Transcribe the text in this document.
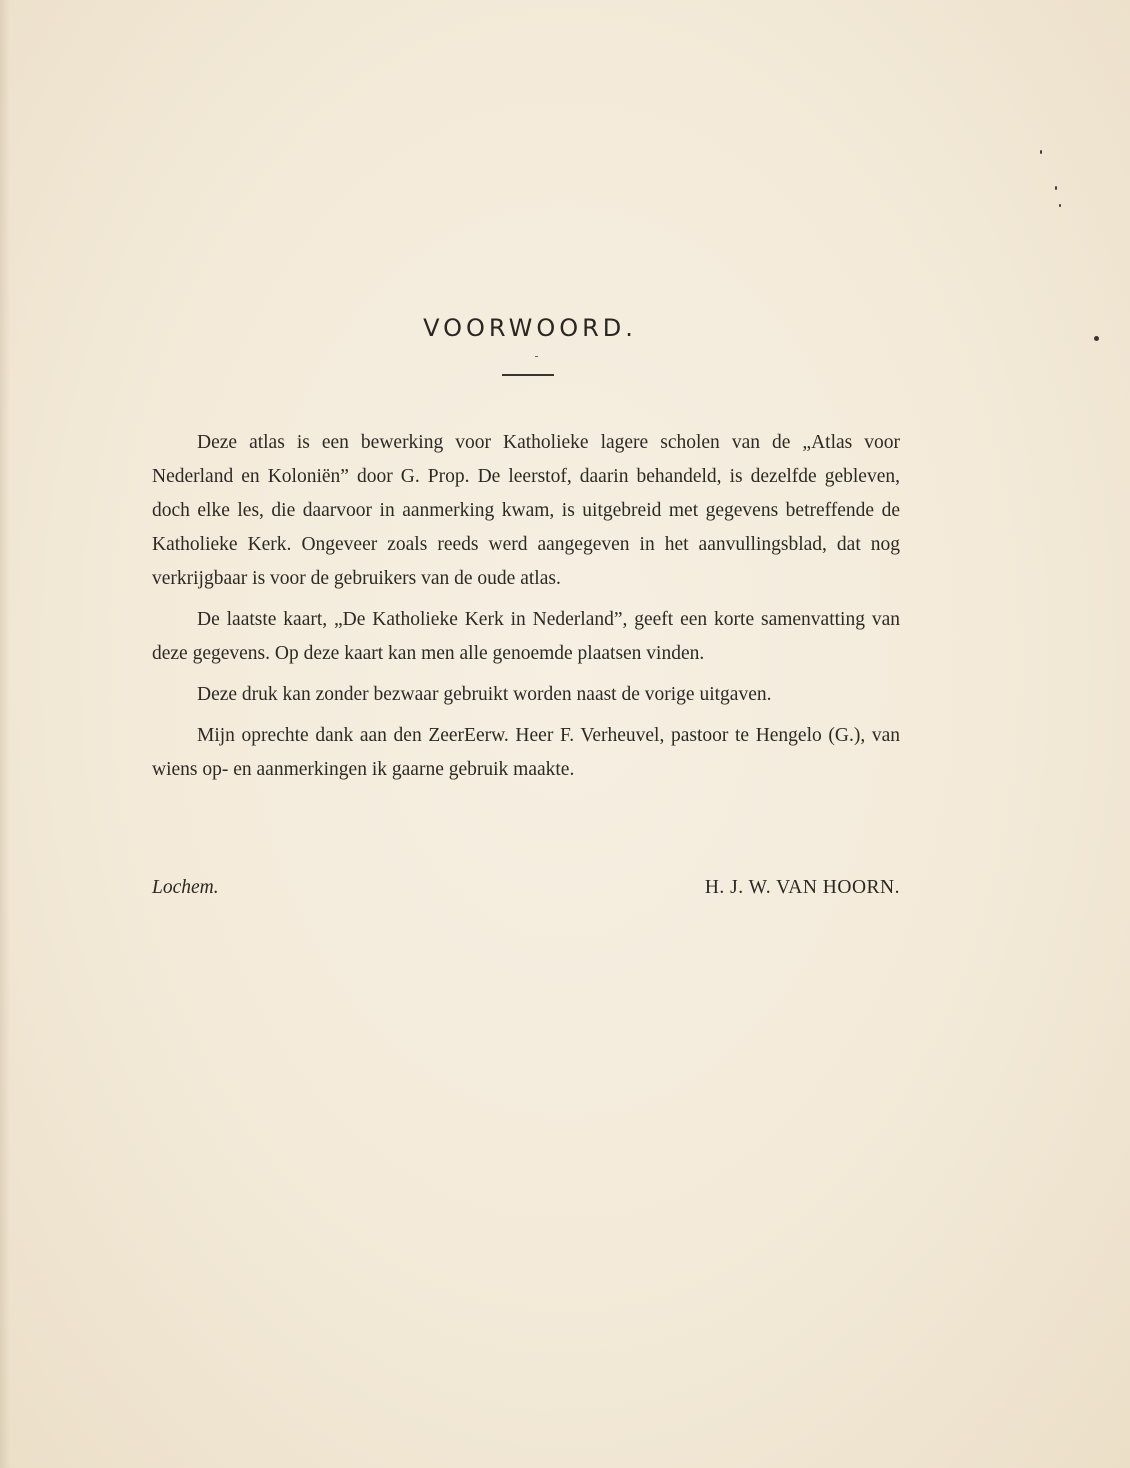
VOORWOORD.

Deze atlas is een bewerking voor Katholieke lagere scholen van de „Atlas voor Nederland en Koloniën” door G. Prop. De leerstof, daarin behandeld, is dezelfde gebleven, doch elke les, die daarvoor in aanmerking kwam, is uitgebreid met gegevens betreffende de Katholieke Kerk. Ongeveer zoals reeds werd aangegeven in het aanvullingsblad, dat nog verkrijgbaar is voor de gebruikers van de oude atlas.

De laatste kaart, „De Katholieke Kerk in Nederland”, geeft een korte samenvatting van deze gegevens. Op deze kaart kan men alle genoemde plaatsen vinden.

Deze druk kan zonder bezwaar gebruikt worden naast de vorige uitgaven.

Mijn oprechte dank aan den ZeerEerw. Heer F. Verheuvel, pastoor te Hengelo (G.), van wiens op- en aanmerkingen ik gaarne gebruik maakte.

Lochem.	H. J. W. VAN HOORN.
